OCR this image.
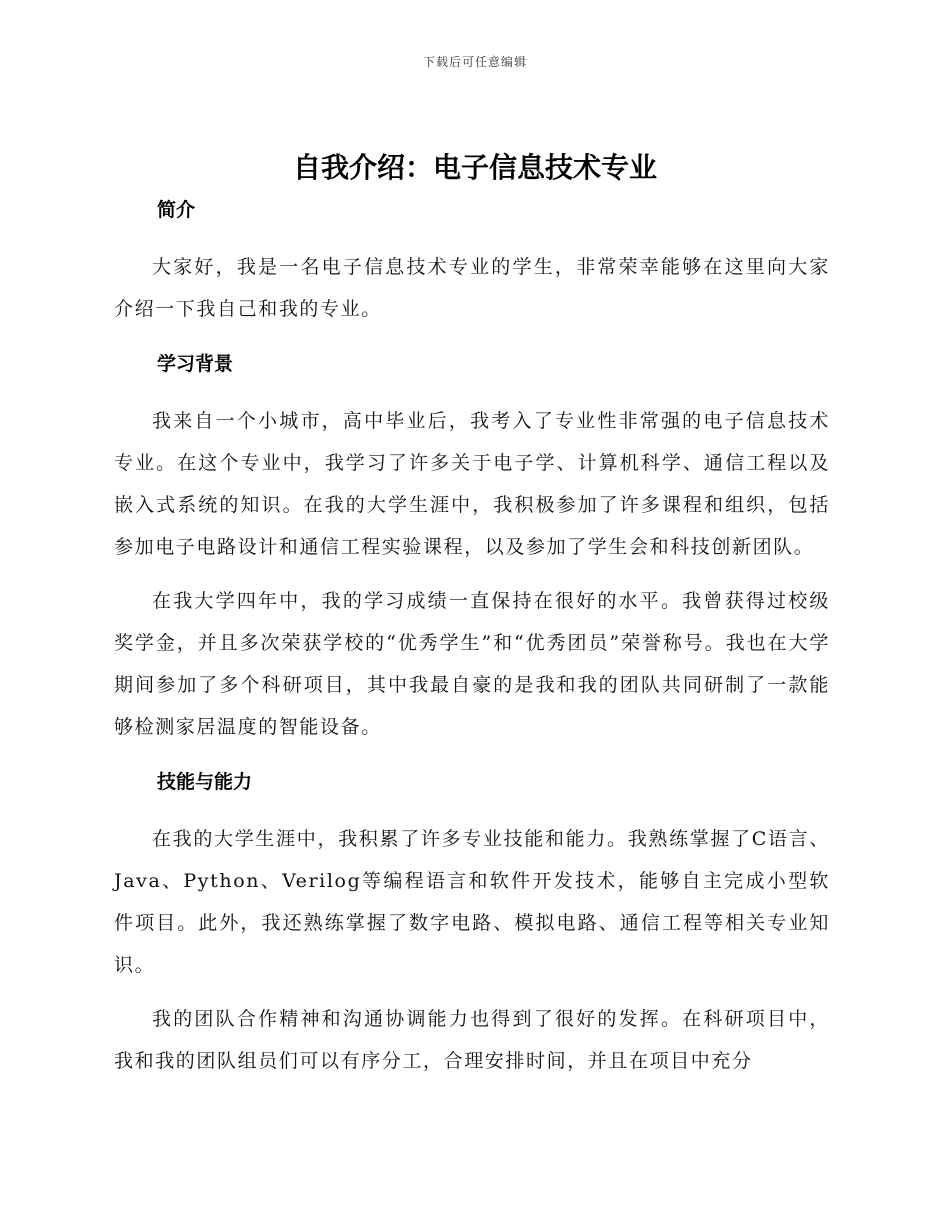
下载后可任意编辑
自我介绍：电子信息技术专业
简介

大家好，我是一名电子信息技术专业的学生，非常荣幸能够在这里向大家介绍一下我自己和我的专业。

学习背景

我来自一个小城市，高中毕业后，我考入了专业性非常强的电子信息技术专业。在这个专业中，我学习了许多关于电子学、计算机科学、通信工程以及嵌入式系统的知识。在我的大学生涯中，我积极参加了许多课程和组织，包括参加电子电路设计和通信工程实验课程，以及参加了学生会和科技创新团队。

在我大学四年中，我的学习成绩一直保持在很好的水平。我曾获得过校级奖学金，并且多次荣获学校的“优秀学生”和“优秀团员”荣誉称号。我也在大学期间参加了多个科研项目，其中我最自豪的是我和我的团队共同研制了一款能够检测家居温度的智能设备。

技能与能力

在我的大学生涯中，我积累了许多专业技能和能力。我熟练掌握了C语言、Java、Python、Verilog等编程语言和软件开发技术，能够自主完成小型软件项目。此外，我还熟练掌握了数字电路、模拟电路、通信工程等相关专业知识。

我的团队合作精神和沟通协调能力也得到了很好的发挥。在科研项目中，我和我的团队组员们可以有序分工，合理安排时间，并且在项目中充分
